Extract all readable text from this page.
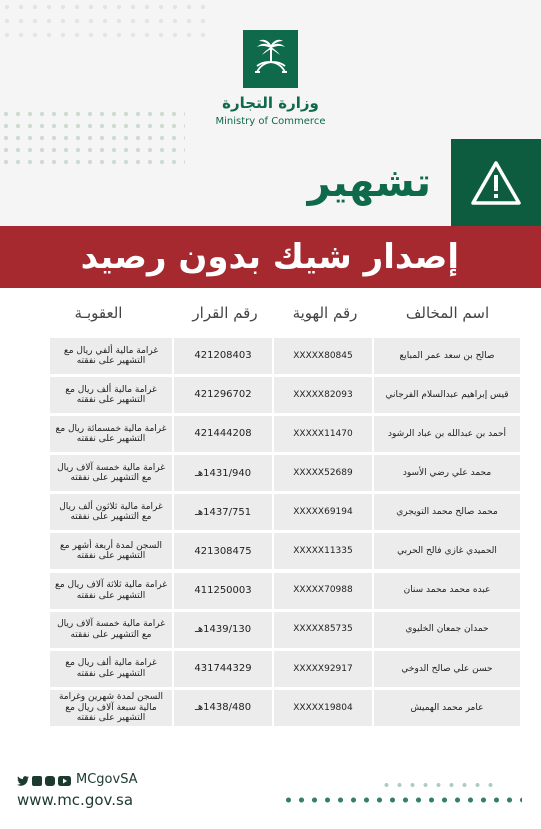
وزارة التجارة
Ministry of Commerce
تشهير
إصدار شيك بدون رصيد
اسم المخالف
رقم الهوية
رقم القرار
العقوبـة
صالح بن سعد عمر المبايع
XXXXX80845
421208403
غرامة مالية ألفي ريال مع التشهير على نفقته
قيس إبراهيم عبدالسلام الفرجاني
XXXXX82093
421296702
غرامة مالية ألف ريال مع التشهير على نفقته
أحمد بن عبدالله بن عباد الرشود
XXXXX11470
421444208
غرامة مالية خمسمائة ريال مع التشهير على نفقته
محمد علي رضي الأسود
XXXXX52689
1431/940هـ
غرامة مالية خمسة آلاف ريال مع التشهير على نفقته
محمد صالح محمد التويجري
XXXXX69194
1437/751هـ
غرامة مالية ثلاثون ألف ريال مع التشهير على نفقته
الحميدي غازي فالح الحربي
XXXXX11335
421308475
السجن لمدة أربعة أشهر مع التشهير على نفقته
عبده محمد محمد سنان
XXXXX70988
411250003
غرامة مالية ثلاثة آلاف ريال مع التشهير على نفقته
حمدان جمعان الخليوي
XXXXX85735
1439/130هـ
غرامة مالية خمسة آلاف ريال مع التشهير على نفقته
حسن علي صالح الدوخي
XXXXX92917
431744329
غرامة مالية ألف ريال مع التشهير على نفقته
عامر محمد الهميش
XXXXX19804
1438/480هـ
السجن لمدة شهرين وغرامة مالية سبعة آلاف ريال مع التشهير على نفقته
MCgovSA
www.mc.gov.sa
